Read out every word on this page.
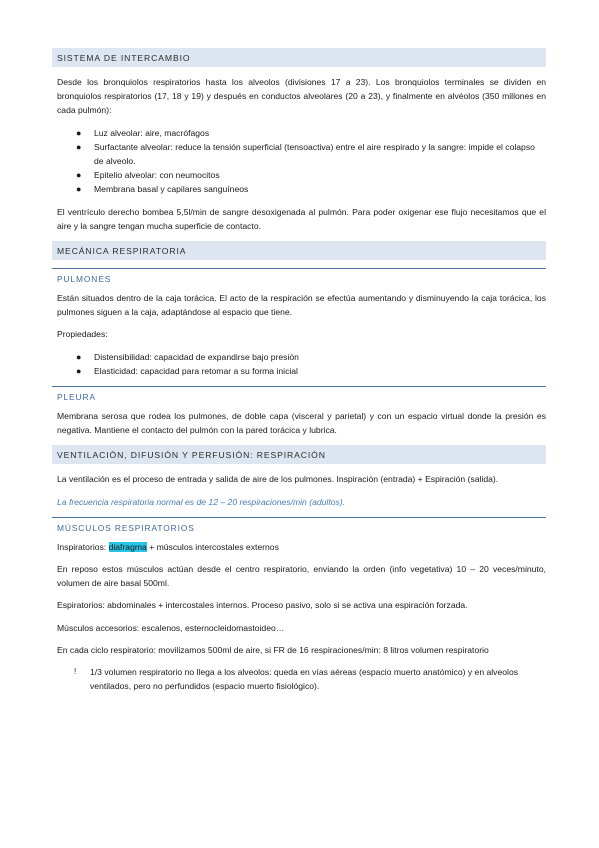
SISTEMA DE INTERCAMBIO

Desde los bronquiolos respiratorios hasta los alveolos (divisiones 17 a 23). Los bronquiolos terminales se dividen en bronquiolos respiratorios (17, 18 y 19) y después en conductos alveolares (20 a 23), y finalmente en alvéolos (350 millones en cada pulmón):

● Luz alveolar: aire, macrófagos
● Surfactante alveolar: reduce la tensión superficial (tensoactiva) entre el aire respirado y la sangre: impide el colapso de alveolo.
● Epitelio alveolar: con neumocitos
● Membrana basal y capilares sanguíneos

El ventrículo derecho bombea 5,5l/min de sangre desoxigenada al pulmón. Para poder oxigenar ese flujo necesitamos que el aire y la sangre tengan mucha superficie de contacto.

MECÁNICA RESPIRATORIA
PULMONES

Están situados dentro de la caja torácica. El acto de la respiración se efectúa aumentando y disminuyendo la caja torácica, los pulmones siguen a la caja, adaptándose al espacio que tiene.

Propiedades:

● Distensibilidad: capacidad de expandirse bajo presión
● Elasticidad: capacidad para retomar a su forma inicial
PLEURA

Membrana serosa que rodea los pulmones, de doble capa (visceral y parietal) y con un espacio virtual donde la presión es negativa. Mantiene el contacto del pulmón con la pared torácica y lubrica.

VENTILACIÓN, DIFUSIÓN Y PERFUSIÓN: RESPIRACIÓN

La ventilación es el proceso de entrada y salida de aire de los pulmones. Inspiración (entrada) + Espiración (salida).

La frecuencia respiratoria normal es de 12 – 20 respiraciones/min (adultos).

MÚSCULOS RESPIRATORIOS

Inspiratorios: diafragma + músculos intercostales externos

En reposo estos músculos actúan desde el centro respiratorio, enviando la orden (info vegetativa) 10 – 20 veces/minuto, volumen de aire basal 500ml.

Espiratorios: abdominales + intercostales internos. Proceso pasivo, solo si se activa una espiración forzada.

Músculos accesorios: escalenos, esternocleidomastoideo…

En cada ciclo respiratorio: movilizamos 500ml de aire, si FR de 16 respiraciones/min: 8 litros volumen respiratorio

! 1/3 volumen respiratorio no llega a los alveolos: queda en vías aéreas (espacio muerto anatómico) y en alveolos ventilados, pero no perfundidos (espacio muerto fisiológico).
